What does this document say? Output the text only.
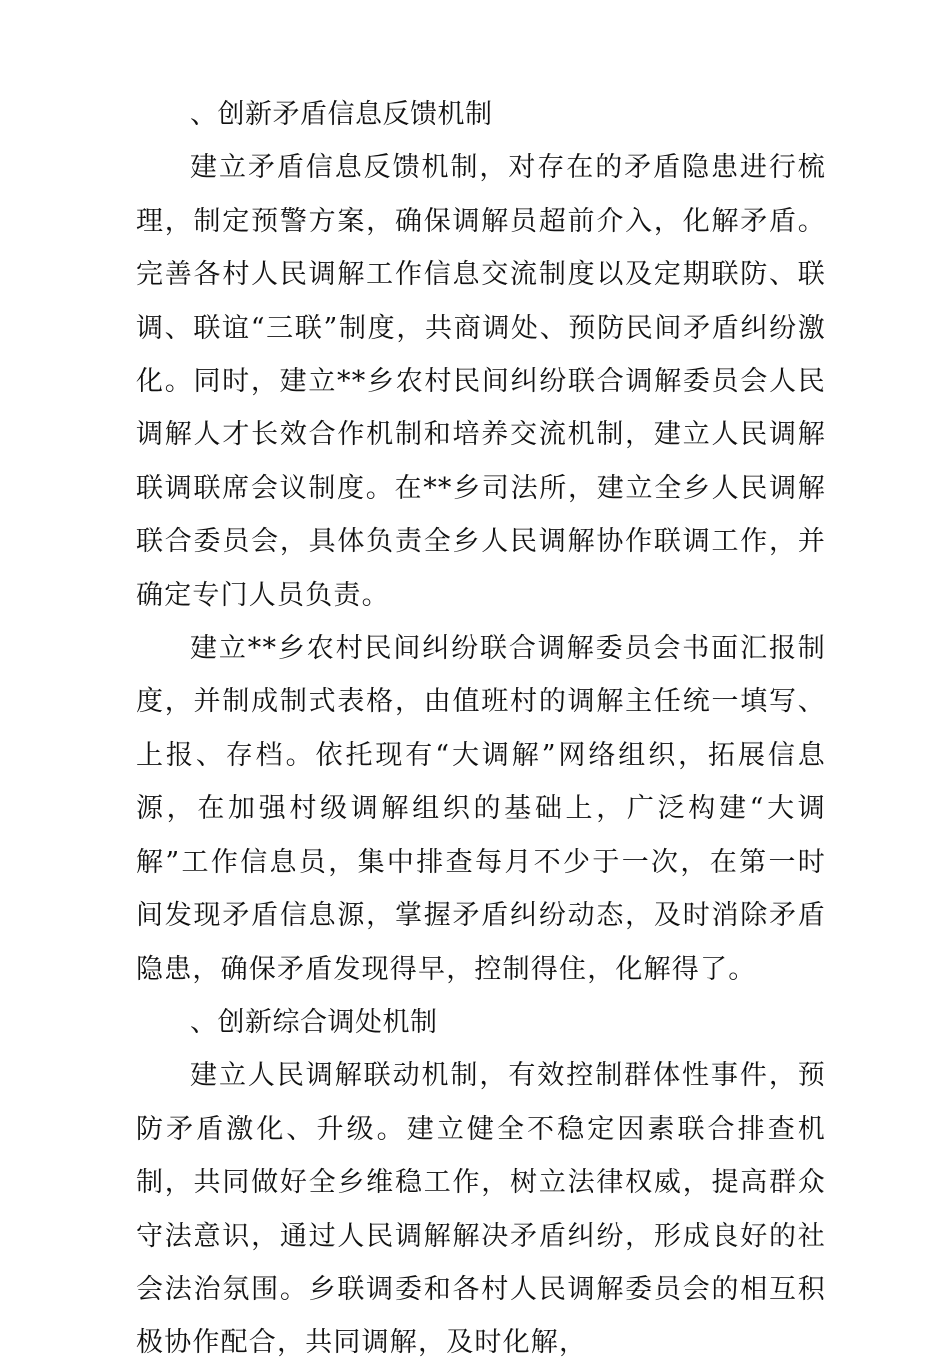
、创新矛盾信息反馈机制

建立矛盾信息反馈机制，对存在的矛盾隐患进行梳理，制定预警方案，确保调解员超前介入，化解矛盾。完善各村人民调解工作信息交流制度以及定期联防、联调、联谊“三联”制度，共商调处、预防民间矛盾纠纷激化。同时，建立**乡农村民间纠纷联合调解委员会人民调解人才长效合作机制和培养交流机制，建立人民调解联调联席会议制度。在**乡司法所，建立全乡人民调解联合委员会，具体负责全乡人民调解协作联调工作，并确定专门人员负责。

建立**乡农村民间纠纷联合调解委员会书面汇报制度，并制成制式表格，由值班村的调解主任统一填写、上报、存档。依托现有“大调解”网络组织，拓展信息源，在加强村级调解组织的基础上，广泛构建“大调解”工作信息员，集中排查每月不少于一次，在第一时间发现矛盾信息源，掌握矛盾纠纷动态，及时消除矛盾隐患，确保矛盾发现得早，控制得住，化解得了。

、创新综合调处机制

建立人民调解联动机制，有效控制群体性事件，预防矛盾激化、升级。建立健全不稳定因素联合排查机制，共同做好全乡维稳工作，树立法律权威，提高群众守法意识，通过人民调解解决矛盾纠纷，形成良好的社会法治氛围。乡联调委和各村人民调解委员会的相互积极协作配合，共同调解，及时化解，
